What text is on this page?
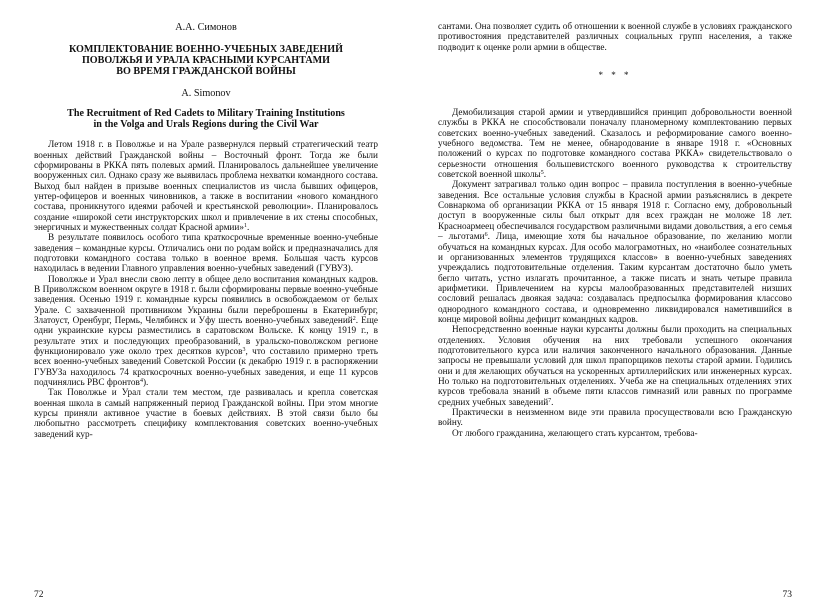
А.А. Симонов
КОМПЛЕКТОВАНИЕ ВОЕННО-УЧЕБНЫХ ЗАВЕДЕНИЙ
ПОВОЛЖЬЯ И УРАЛА КРАСНЫМИ КУРСАНТАМИ
ВО ВРЕМЯ ГРАЖДАНСКОЙ ВОЙНЫ
A. Simonov
The Recruitment of Red Cadets to Military Training Institutions
in the Volga and Urals Regions during the Civil War

Летом 1918 г. в Поволжье и на Урале развернулся первый стратегический театр военных действий Гражданской войны – Восточный фронт. Тогда же были сформированы в РККА пять полевых армий. Планировалось дальнейшее увеличение вооруженных сил. Однако сразу же выявилась проблема нехватки командного состава. Выход был найден в призыве военных специалистов из числа бывших офицеров, унтер-офицеров и военных чиновников, а также в воспитании «нового командного состава, проникнутого идеями рабочей и крестьянской революции». Планировалось создание «широкой сети инструкторских школ и привлечение в их стены способных, энергичных и мужественных солдат Красной армии»$^1$.

В результате появилось особого типа краткосрочные временные военно-учебные заведения – командные курсы. Отличались они по родам войск и предназначались для подготовки командного состава только в военное время. Большая часть курсов находилась в ведении Главного управления военно-учебных заведений (ГУВУЗ).

Поволжье и Урал внесли свою лепту в общее дело воспитания командных кадров. В Приволжском военном округе в 1918 г. были сформированы первые военно-учебные заведения. Осенью 1919 г. командные курсы появились в освобождаемом от белых Урале. С захваченной противником Украины были переброшены в Екатеринбург, Златоуст, Оренбург, Пермь, Челябинск и Уфу шесть военно-учебных заведений$^2$. Еще одни украинские курсы разместились в саратовском Вольске. К концу 1919 г., в результате этих и последующих преобразований, в уральско-поволжском регионе функционировало уже около трех десятков курсов$^3$, что составило примерно треть всех военно-учебных заведений Советской России (к декабрю 1919 г. в распоряжении ГУВУЗа находилось 74 краткосрочных военно-учебных заведения, и еще 11 курсов подчинялись РВС фронтов$^4$).

Так Поволжье и Урал стали тем местом, где развивалась и крепла советская военная школа в самый напряженный период Гражданской войны. При этом многие курсы приняли активное участие в боевых действиях. В этой связи было бы любопытно рассмотреть специфику комплектования советских военно-учебных заведений кур-

72

сантами. Она позволяет судить об отношении к военной службе в условиях гражданского противостояния представителей различных социальных групп населения, а также подводит к оценке роли армии в обществе.

* * *

Демобилизация старой армии и утвердившийся принцип добровольности военной службы в РККА не способствовали поначалу планомерному комплектованию первых советских военно-учебных заведений. Сказалось и реформирование самого военно-учебного ведомства. Тем не менее, обнародование в январе 1918 г. «Основных положений о курсах по подготовке командного состава РККА» свидетельствовало о серьезности отношения большевистского военного руководства к строительству советской военной школы$^5$.

Документ затрагивал только один вопрос – правила поступления в военно-учебные заведения. Все остальные условия службы в Красной армии разъяснялись в декрете Совнаркома об организации РККА от 15 января 1918 г. Согласно ему, добровольный доступ в вооруженные силы был открыт для всех граждан не моложе 18 лет. Красноармеец обеспечивался государством различными видами довольствия, а его семья – льготами$^6$. Лица, имеющие хотя бы начальное образование, по желанию могли обучаться на командных курсах. Для особо малограмотных, но «наиболее сознательных и организованных элементов трудящихся классов» в военно-учебных заведениях учреждались подготовительные отделения. Таким курсантам достаточно было уметь бегло читать, устно излагать прочитанное, а также писать и знать четыре правила арифметики. Привлечением на курсы малообразованных представителей низших сословий решалась двоякая задача: создавалась предпосылка формирования классово однородного командного состава, и одновременно ликвидировался наметившийся в конце мировой войны дефицит командных кадров.

Непосредственно военные науки курсанты должны были проходить на специальных отделениях. Условия обучения на них требовали успешного окончания подготовительного курса или наличия законченного начального образования. Данные запросы не превышали условий для школ прапорщиков пехоты старой армии. Годились они и для желающих обучаться на ускоренных артиллерийских или инженерных курсах. Но только на подготовительных отделениях. Учеба же на специальных отделениях этих курсов требовала знаний в объеме пяти классов гимназий или равных по программе средних учебных заведений$^7$.

Практически в неизменном виде эти правила просуществовали всю Гражданскую войну.

От любого гражданина, желающего стать курсантом, требова-

73
